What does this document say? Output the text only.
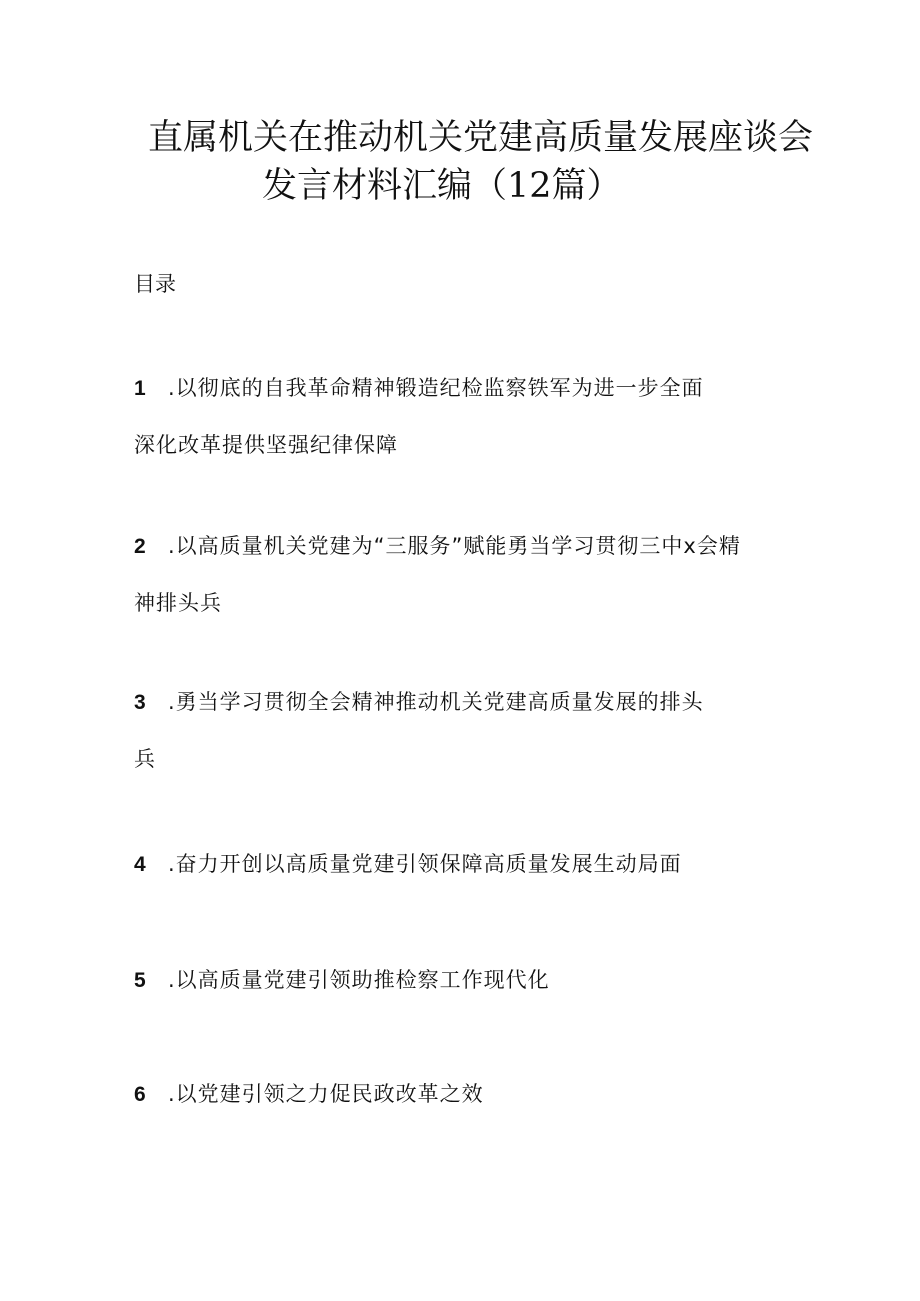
直属机关在推动机关党建高质量发展座谈会
发言材料汇编（12篇）
目录
1 .以彻底的自我革命精神锻造纪检监察铁军为进一步全面
深化改革提供坚强纪律保障
2 .以高质量机关党建为“三服务”赋能勇当学习贯彻三中x会精
神排头兵
3 .勇当学习贯彻全会精神推动机关党建高质量发展的排头
兵
4 .奋力开创以高质量党建引领保障高质量发展生动局面
5 .以高质量党建引领助推检察工作现代化
6 .以党建引领之力促民政改革之效
